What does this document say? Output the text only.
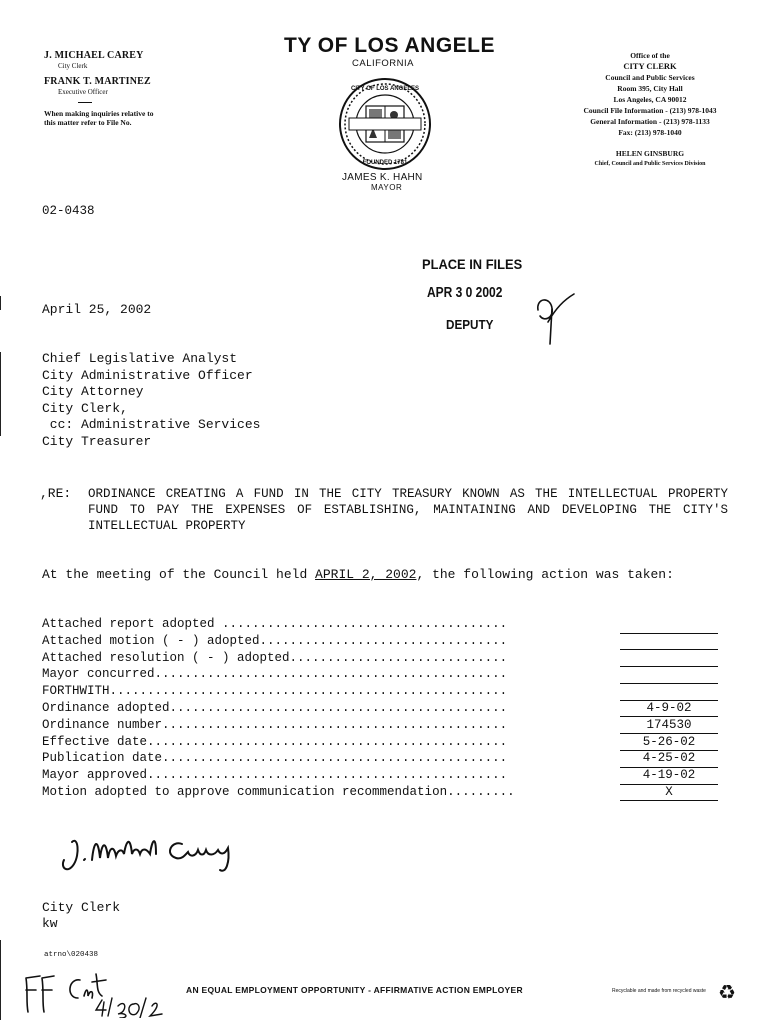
J. MICHAEL CAREY
City Clerk
FRANK T. MARTINEZ
Executive Officer
When making inquiries relative to this matter refer to File No.
TY OF LOS ANGELE
CALIFORNIA
CITY OF LOS ANGELES
FOUNDED 1781
JAMES K. HAHN
MAYOR
Office of the
CITY CLERK
Council and Public Services
Room 395, City Hall
Los Angeles, CA 90012
Council File Information - (213) 978-1043
General Information - (213) 978-1133
Fax: (213) 978-1040
HELEN GINSBURG
Chief, Council and Public Services Division
02-0438
PLACE IN FILES
APR 3 0 2002
DEPUTY
April 25, 2002
Chief Legislative Analyst
City Administrative Officer
City Attorney
City Clerk,
cc: Administrative Services
City Treasurer
,RE: ORDINANCE CREATING A FUND IN THE CITY TREASURY KNOWN AS THE INTELLECTUAL PROPERTY FUND TO PAY THE EXPENSES OF ESTABLISHING, MAINTAINING AND DEVELOPING THE CITY'S INTELLECTUAL PROPERTY
At the meeting of the Council held APRIL 2, 2002, the following action was taken:
Attached report adopted ......................................
Attached motion ( - ) adopted.................................
Attached resolution ( - ) adopted.............................
Mayor concurred...............................................
FORTHWITH.....................................................
Ordinance adopted.............................................	4-9-02
Ordinance number..............................................	174530
Effective date................................................	5-26-02
Publication date..............................................	4-25-02
Mayor approved................................................	4-19-02
Motion adopted to approve communication recommendation.........	X
City Clerk
kw
atrno\020438
AN EQUAL EMPLOYMENT OPPORTUNITY - AFFIRMATIVE ACTION EMPLOYER	Recyclable and made from recycled waste ♻
